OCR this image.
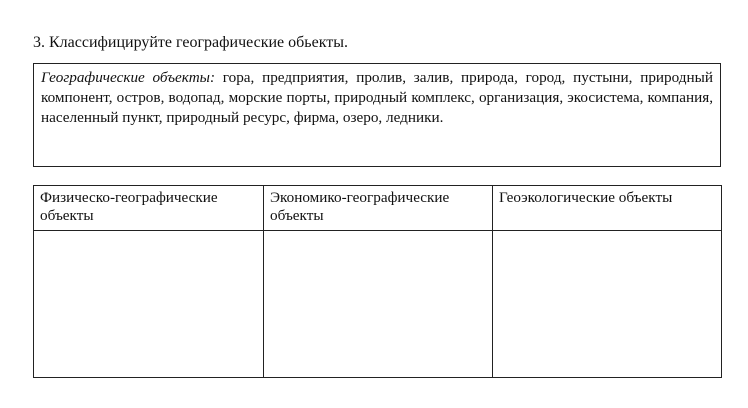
3. Классифицируйте географические обьекты.
Географические объекты: гора, предприятия, пролив, залив, природа, город, пустыни, природный компонент, остров, водопад, морские порты, природный комплекс, организация, экосистема, компания, населенный пункт, природный ресурс, фирма, озеро, ледники.
Физическо-географические объекты	Экономико-географические объекты	Геоэкологические объекты
